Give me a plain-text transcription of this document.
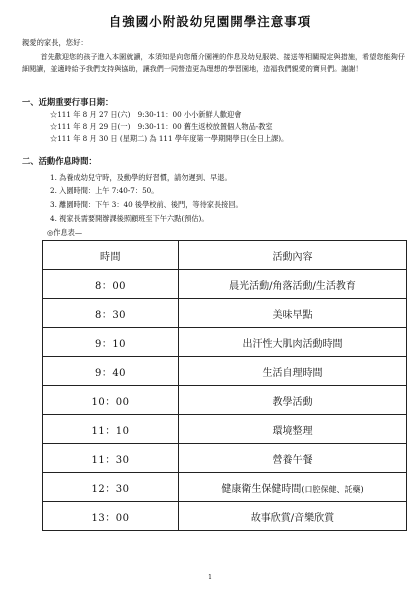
自強國小附設幼兒園開學注意事項
親愛的家長，您好：
首先歡迎您的孩子進入本園就讀，本須知是向您簡介園裡的作息及幼兒服裝、接送等相關規定與措施，希望您能夠仔細閱讀，並適時給予我們支持與協助，讓我們一同營造更為理想的學習園地，造福我們親愛的寶貝們。謝謝！
一、近期重要行事日期：
☆111 年 8 月 27 日(六)　9:30-11：00 小小新鮮人歡迎會
☆111 年 8 月 29 日(一)　9:30-11：00 舊生返校放置個人物品-教室
☆111 年 8 月 30 日 (星期二) 為 111 學年度第一學期開學日(全日上課)。
二、活動作息時間：
1. 為養成幼兒守時，及動學的好習慣，請勿遲到、早退。
2. 入園時間：上午 7:40-7：50。
3. 離園時間：下午 3：40 後學校前、後門，等待家長接回。
4. 視家長需要開辦課後照顧班至下午六點(預估)。
◎作息表—
時間	活動內容
8：00	晨光活動/角落活動/生活教育
8：30	美味早點
9：10	出汗性大肌肉活動時間
9：40	生活自理時間
10：00	教學活動
11：10	環境整理
11：30	營養午餐
12：30	健康衛生保健時間(口腔保健、託藥)
13：00	故事欣賞/音樂欣賞
1
